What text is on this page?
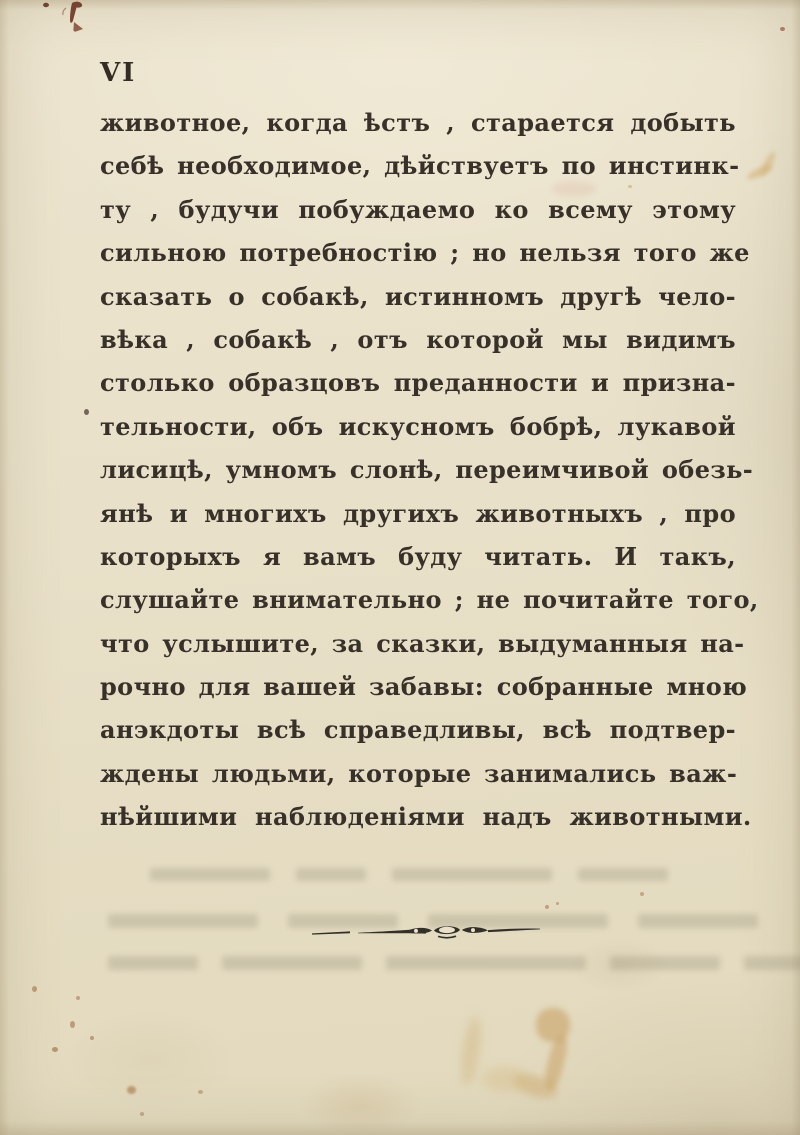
VI
животное, когда ѣстъ , старается добыть
себѣ необходимое, дѣйствуетъ по инстинк-
ту , будучи побуждаемо ко всему этому
сильною потребностію ; но нельзя того же
сказать о собакѣ, истинномъ другѣ чело-
вѣка , собакѣ , отъ которой мы видимъ
столько образцовъ преданности и призна-
тельности, объ искусномъ бобрѣ, лукавой
лисицѣ, умномъ слонѣ, переимчивой обезь-
янѣ и многихъ другихъ животныхъ , про
которыхъ я вамъ буду читать. И такъ,
слушайте внимательно ; не почитайте того,
что услышите, за сказки, выдуманныя на-
рочно для вашей забавы: собранные мною
анэкдоты всѣ справедливы, всѣ подтвер-
ждены людьми, которые занимались важ-
нѣйшими наблюденіями надъ животными.
